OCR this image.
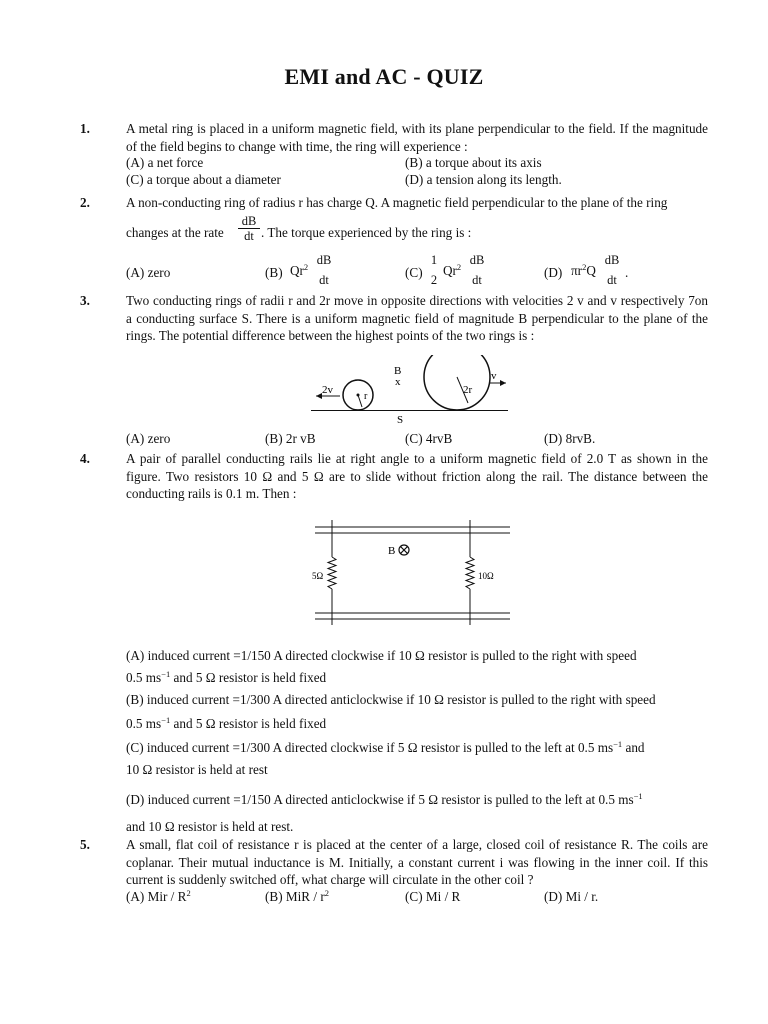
EMI and AC - QUIZ
1.	A metal ring is placed in a uniform magnetic field, with its plane perpendicular to the field. If the magnitude of the field begins to change with time, the ring will experience :
(A) a net force	(B) a torque about its axis
(C) a torque about a diameter	(D) a tension along its length.
2.	A non-conducting ring of radius r has charge Q. A magnetic field perpendicular to the plane of the ring
changes at the rate
dB
dt . The torque experienced by the ring is :
(A) zero	(B) Qr$^2$ dB
dt	(C)
1
2
Qr$^2$ dB
dt	(D) $\pi r^2Q$
dB
dt .
3.	Two conducting rings of radii r and 2r move in opposite directions with velocities 2 v and v respectively 7on a conducting surface S. There is a uniform magnetic field of magnitude B perpendicular to the plane of the rings. The potential difference between the highest points of the two rings is :
B
x
2v
r
2r
v
S
(A) zero	(B) 2r vB	(C) 4rvB	(D) 8rvB.
4.	A pair of parallel conducting rails lie at right angle to a uniform magnetic field of 2.0 T as shown in the figure. Two resistors 10 Ω and 5 Ω are to slide without friction along the rail. The distance between the conducting rails is 0.1 m. Then :
B
5Ω	10Ω
(A) induced current =1/150 A directed clockwise if 10 Ω resistor is pulled to the right with speed
0.5 $ms^{-1}$ and 5 Ω resistor is held fixed
(B) induced current =1/300 A directed anticlockwise if 10 Ω resistor is pulled to the right with speed
0.5 $ms^{-1}$ and 5 Ω resistor is held fixed
(C) induced current =1/300 A directed clockwise if 5 Ω resistor is pulled to the left at 0.5 $ms^{-1}$ and
10 Ω resistor is held at rest
(D) induced current =1/150 A directed anticlockwise if 5 Ω resistor is pulled to the left at 0.5 $ms^{-1}$
and 10 Ω resistor is held at rest.
5.	A small, flat coil of resistance r is placed at the center of a large, closed coil of resistance R. The coils are coplanar. Their mutual inductance is M. Initially, a constant current i was flowing in the inner coil. If this current is suddenly switched off, what charge will circulate in the other coil ?
(A) Mir / $R^2$	(B) MiR / $r^2$	(C) Mi / R	(D) Mi / r.
